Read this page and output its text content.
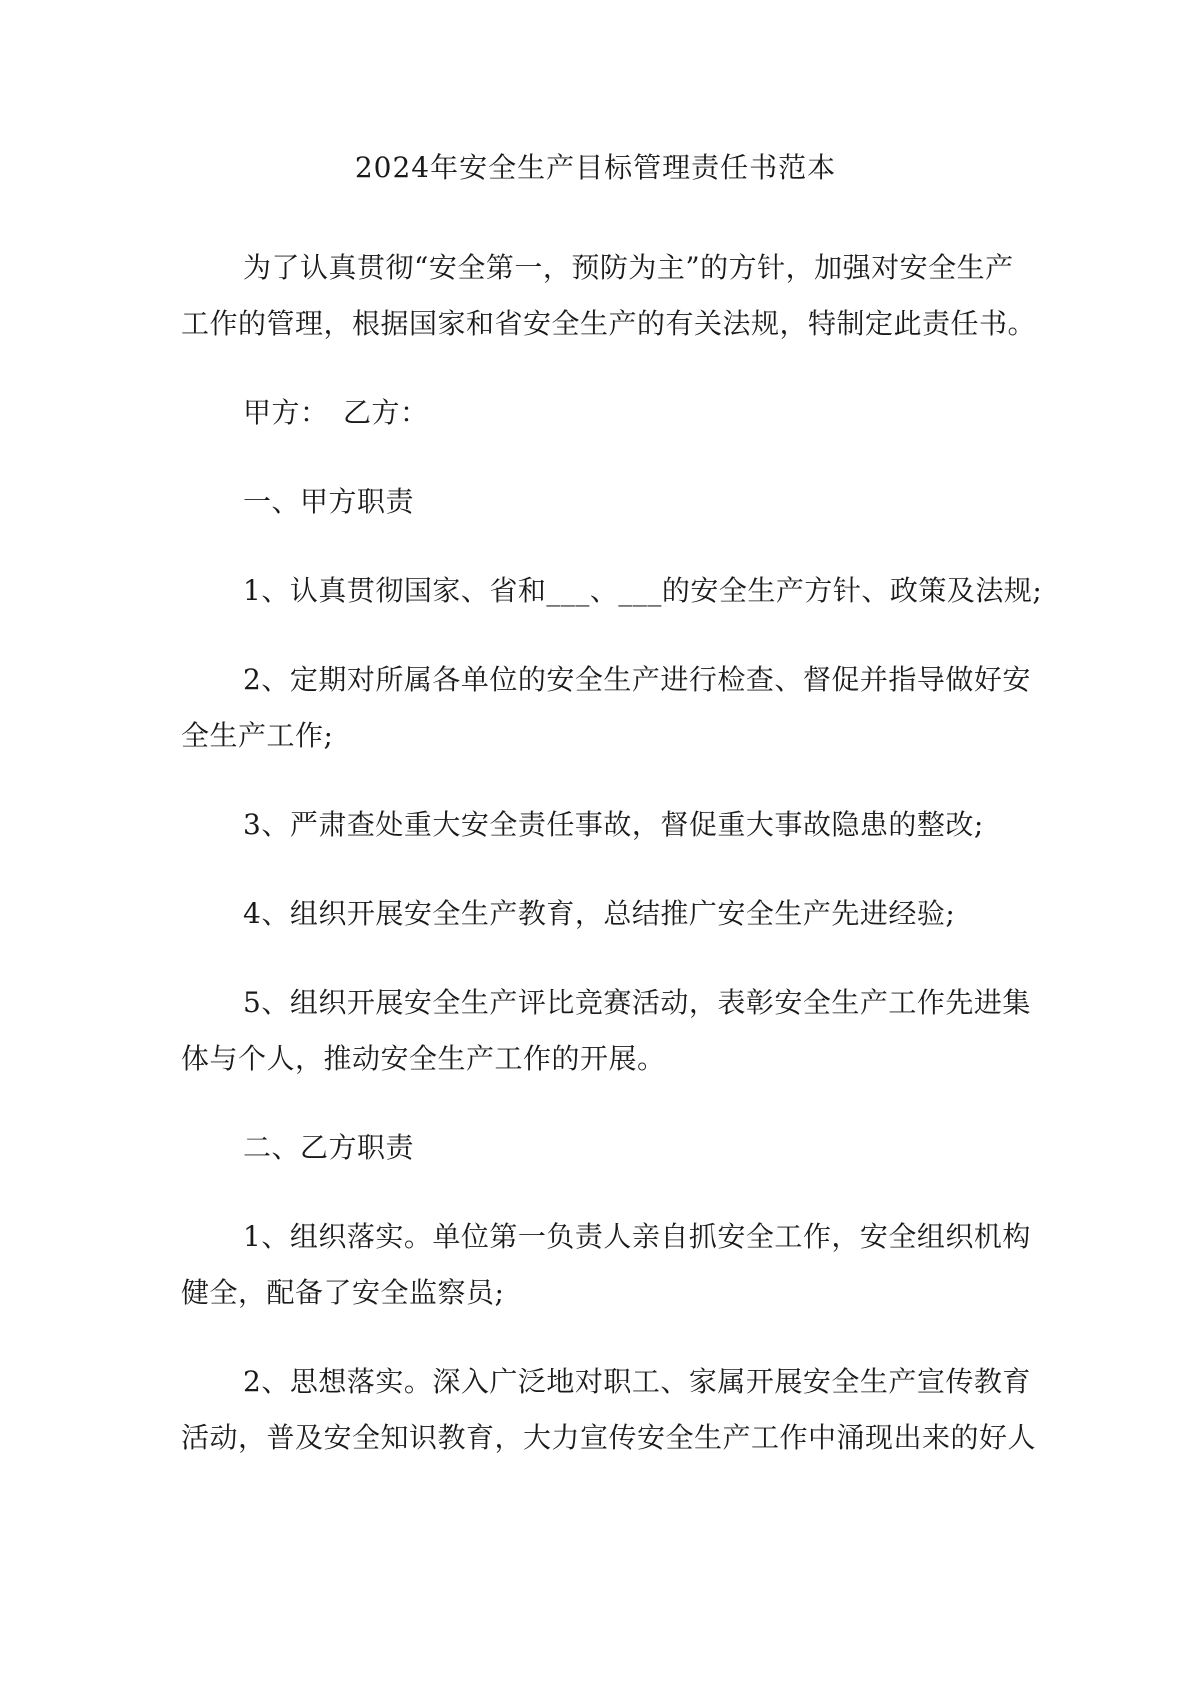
2024年安全生产目标管理责任书范本

为了认真贯彻“安全第一，预防为主”的方针，加强对安全生产
工作的管理，根据国家和省安全生产的有关法规，特制定此责任书。

甲方：　乙方：

一、甲方职责

1、认真贯彻国家、省和___、___的安全生产方针、政策及法规;

2、定期对所属各单位的安全生产进行检查、督促并指导做好安
全生产工作;

3、严肃查处重大安全责任事故，督促重大事故隐患的整改;

4、组织开展安全生产教育，总结推广安全生产先进经验;

5、组织开展安全生产评比竞赛活动，表彰安全生产工作先进集
体与个人，推动安全生产工作的开展。

二、乙方职责

1、组织落实。单位第一负责人亲自抓安全工作，安全组织机构
健全，配备了安全监察员;

2、思想落实。深入广泛地对职工、家属开展安全生产宣传教育
活动，普及安全知识教育，大力宣传安全生产工作中涌现出来的好人
